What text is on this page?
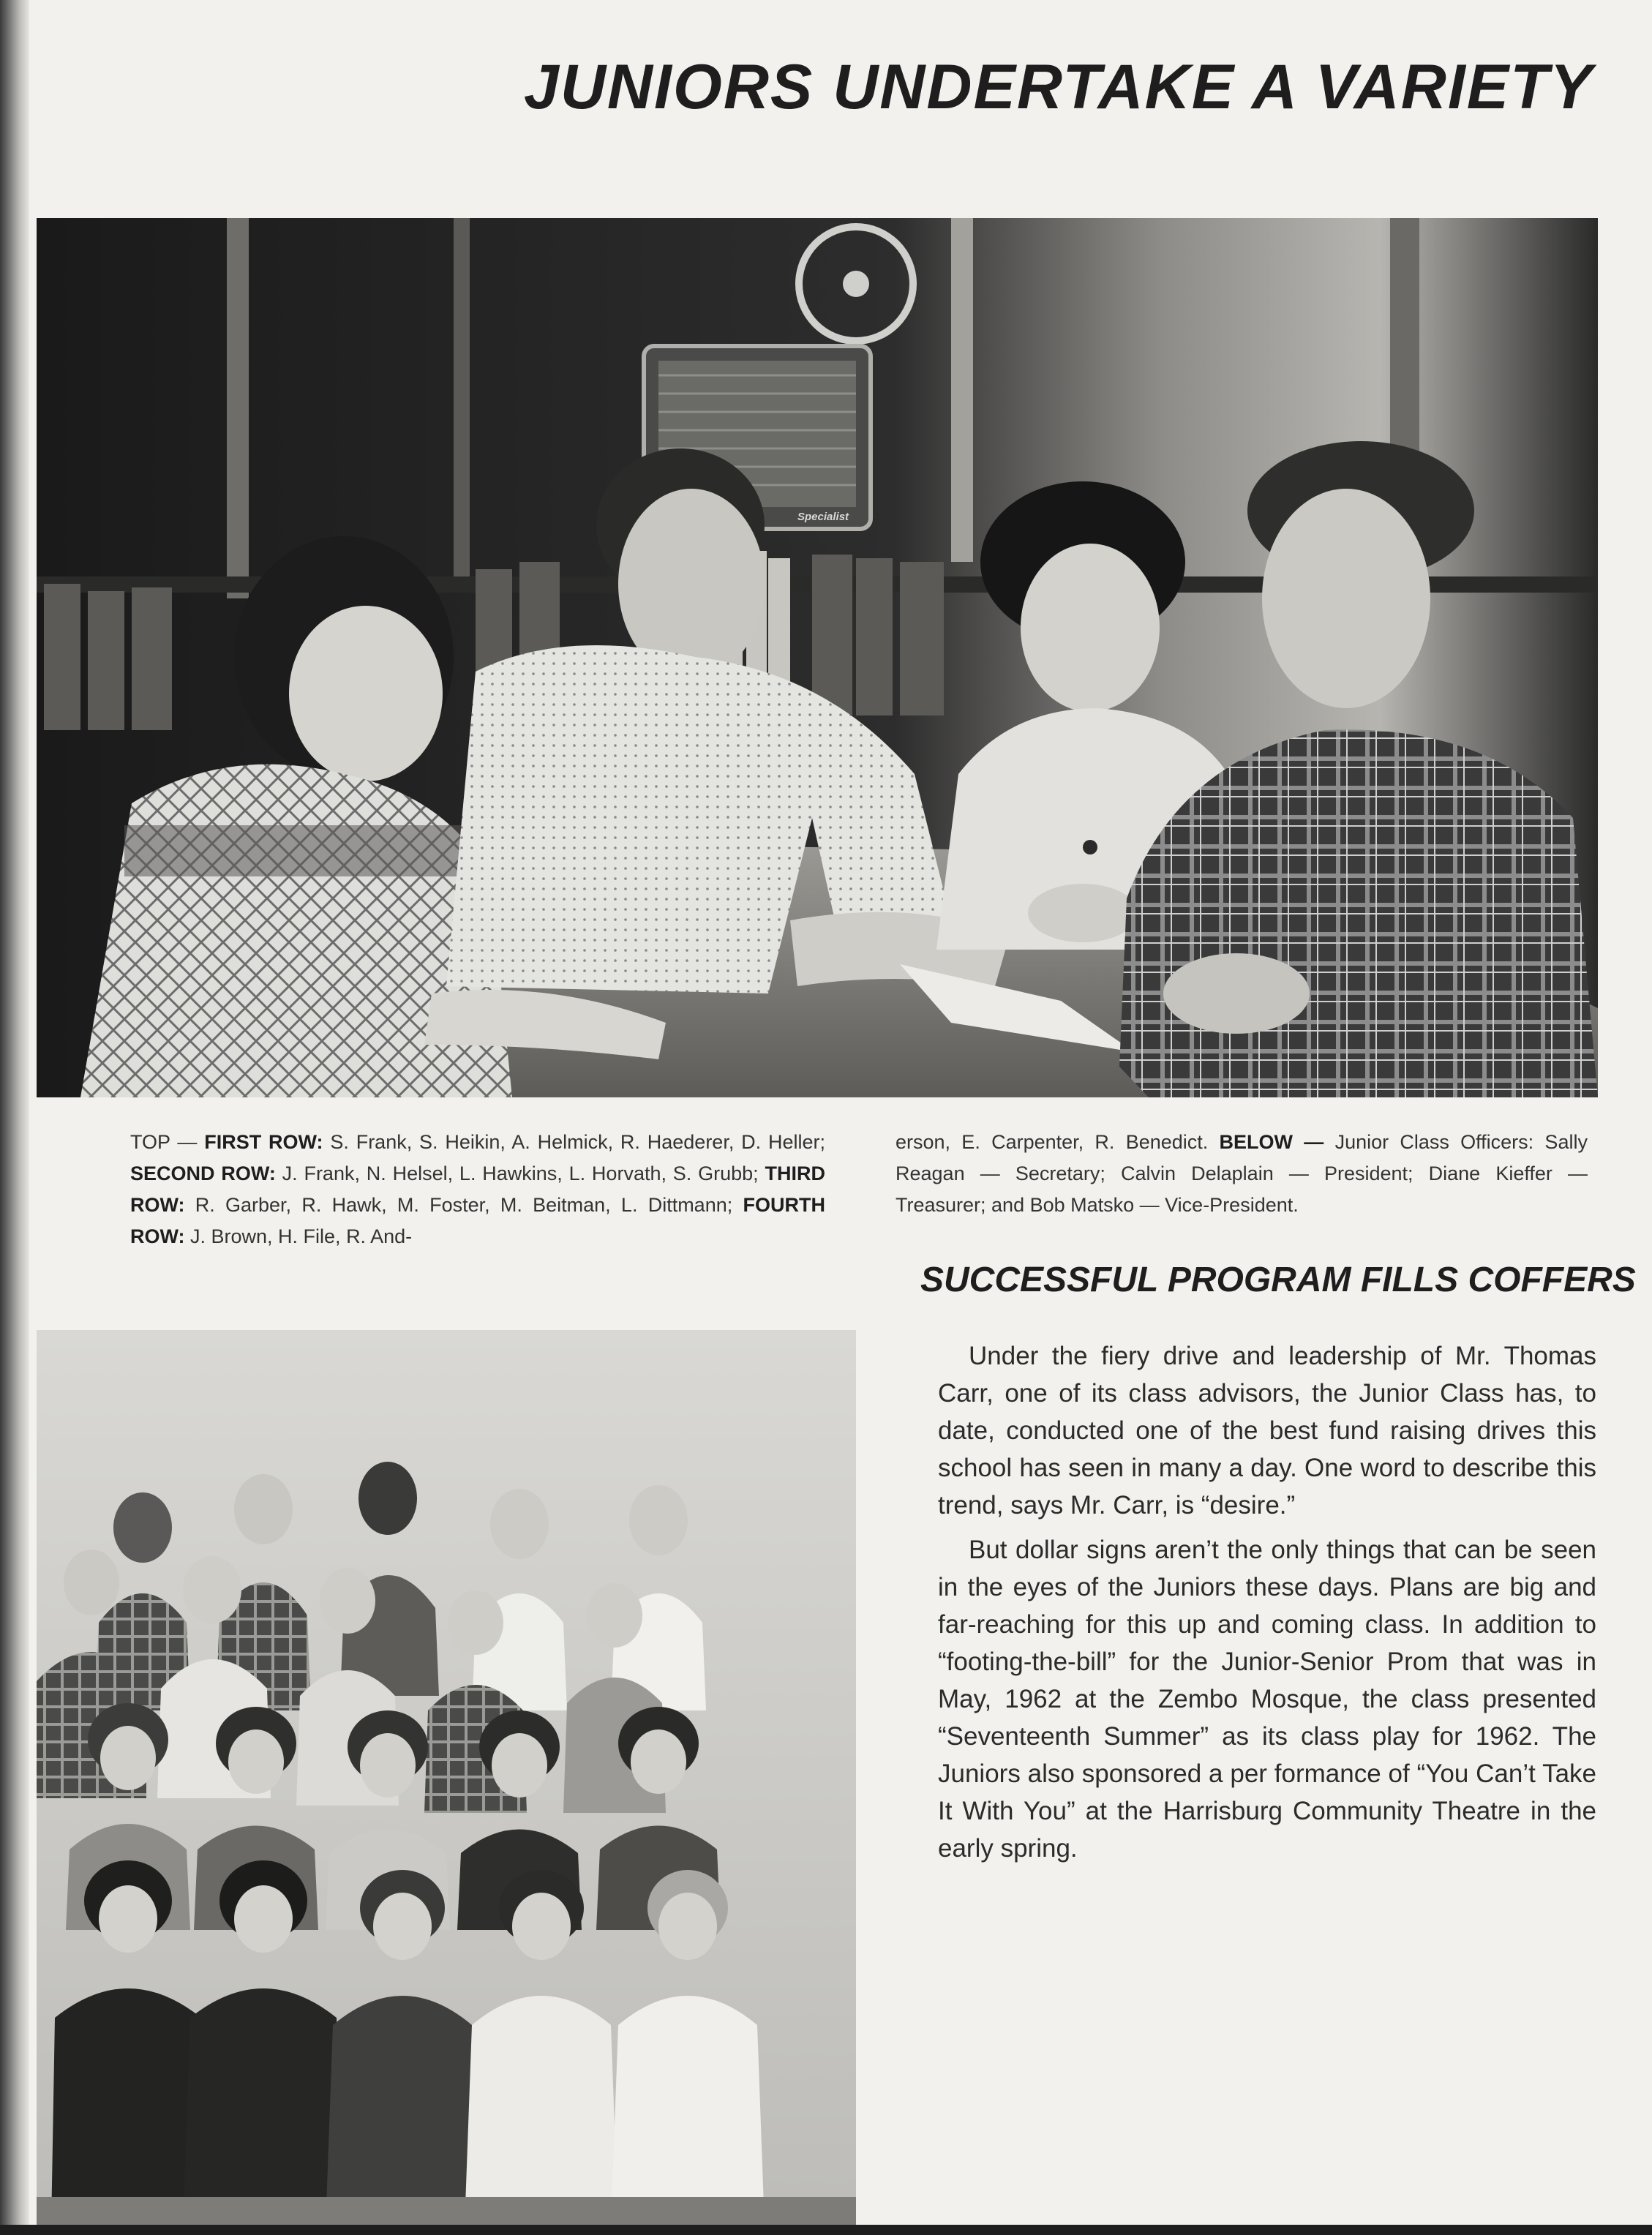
JUNIORS UNDERTAKE A VARIETY
Specialist

TOP — FIRST ROW: S. Frank, S. Heikin, A. Helmick, R. Haederer, D. Heller; SECOND ROW: J. Frank, N. Helsel, L. Hawkins, L. Horvath, S. Grubb; THIRD ROW: R. Garber, R. Hawk, M. Foster, M. Beitman, L. Dittmann; FOURTH ROW: J. Brown, H. File, R. And-

erson, E. Carpenter, R. Benedict. BELOW — Junior Class Officers: Sally Reagan — Secretary; Calvin Delaplain — President; Diane Kieffer — Treasurer; and Bob Matsko — Vice-President.

SUCCESSFUL PROGRAM FILLS COFFERS

Under the fiery drive and leadership of Mr. Thomas Carr, one of its class advisors, the Junior Class has, to date, conducted one of the best fund raising drives this school has seen in many a day. One word to describe this trend, says Mr. Carr, is “desire.”

But dollar signs aren’t the only things that can be seen in the eyes of the Juniors these days. Plans are big and far-reaching for this up and coming class. In addition to “footing-the-bill” for the Junior-Senior Prom that was in May, 1962 at the Zembo Mosque, the class presented “Seventeenth Summer” as its class play for 1962. The Juniors also sponsored a per formance of “You Can’t Take It With You” at the Harrisburg Community Theatre in the early spring.
